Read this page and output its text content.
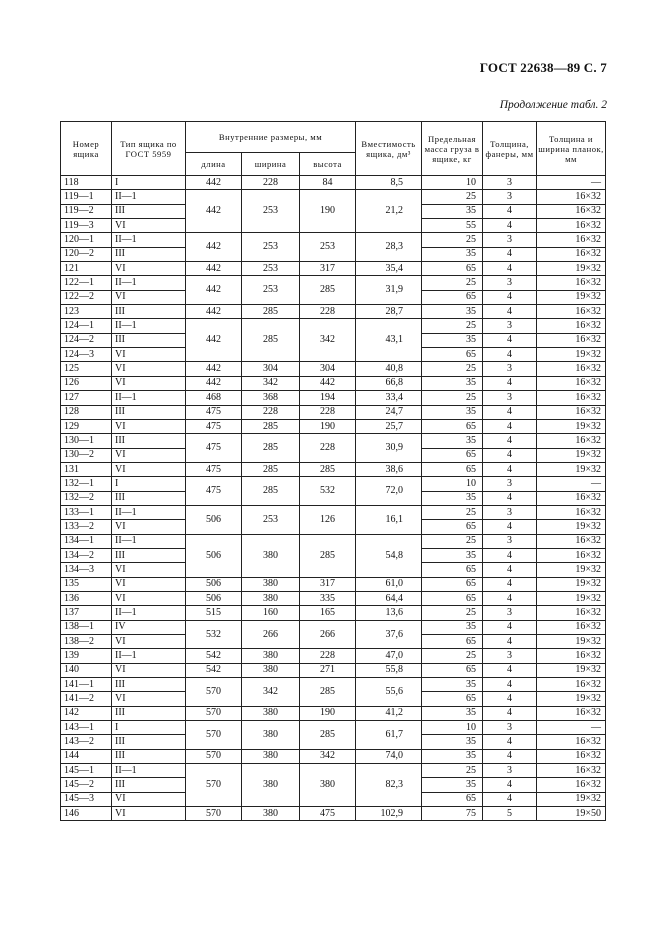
ГОСТ 22638—89 С. 7
Продолжение табл. 2
Номер ящика	Тип ящика по ГОСТ 5959	Внутренние размеры, мм			Вместимость ящика, дм³	Предельная масса груза в ящике, кг	Толщина, фанеры, мм	Толщина и ширина планок, мм
		длина	ширина	высота				
118	I	442	228	84	8,5	10	3	—
119—1	II—1	442	253	190	21,2	25	3	16×32
119—2	III					35	4	16×32
119—3	VI					55	4	16×32
120—1	II—1	442	253	253	28,3	25	3	16×32
120—2	III					35	4	16×32
121	VI	442	253	317	35,4	65	4	19×32
122—1	II—1	442	253	285	31,9	25	3	16×32
122—2	VI					65	4	19×32
123	III	442	285	228	28,7	35	4	16×32
124—1	II—1	442	285	342	43,1	25	3	16×32
124—2	III					35	4	16×32
124—3	VI					65	4	19×32
125	VI	442	304	304	40,8	25	3	16×32
126	VI	442	342	442	66,8	35	4	16×32
127	II—1	468	368	194	33,4	25	3	16×32
128	III	475	228	228	24,7	35	4	16×32
129	VI	475	285	190	25,7	65	4	19×32
130—1	III	475	285	228	30,9	35	4	16×32
130—2	VI					65	4	19×32
131	VI	475	285	285	38,6	65	4	19×32
132—1	I	475	285	532	72,0	10	3	—
132—2	III					35	4	16×32
133—1	II—1	506	253	126	16,1	25	3	16×32
133—2	VI					65	4	19×32
134—1	II—1	506	380	285	54,8	25	3	16×32
134—2	III					35	4	16×32
134—3	VI					65	4	19×32
135	VI	506	380	317	61,0	65	4	19×32
136	VI	506	380	335	64,4	65	4	19×32
137	II—1	515	160	165	13,6	25	3	16×32
138—1	IV	532	266	266	37,6	35	4	16×32
138—2	VI					65	4	19×32
139	II—1	542	380	228	47,0	25	3	16×32
140	VI	542	380	271	55,8	65	4	19×32
141—1	III	570	342	285	55,6	35	4	16×32
141—2	VI					65	4	19×32
142	III	570	380	190	41,2	35	4	16×32
143—1	I	570	380	285	61,7	10	3	—
143—2	III					35	4	16×32
144	III	570	380	342	74,0	35	4	16×32
145—1	II—1	570	380	380	82,3	25	3	16×32
145—2	III					35	4	16×32
145—3	VI					65	4	19×32
146	VI	570	380	475	102,9	75	5	19×50
